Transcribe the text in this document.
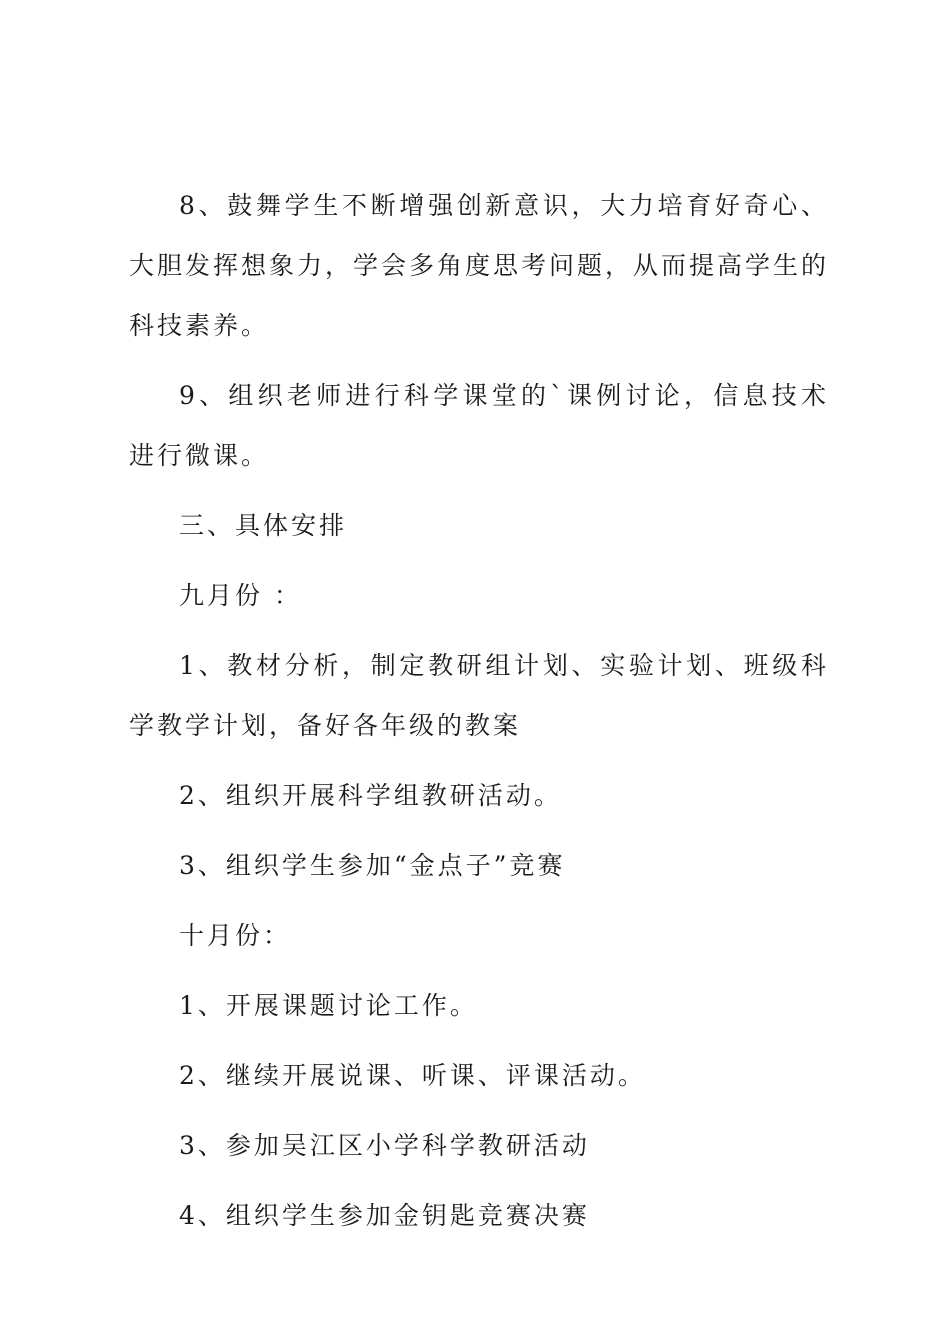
8、鼓舞学生不断增强创新意识，大力培育好奇心、大胆发挥想象力，学会多角度思考问题，从而提高学生的科技素养。

9、组织老师进行科学课堂的`课例讨论，信息技术进行微课。

三、具体安排

九月份 ：

1、教材分析，制定教研组计划、实验计划、班级科学教学计划，备好各年级的教案

2、组织开展科学组教研活动。

3、组织学生参加“金点子”竞赛

十月份：

1、开展课题讨论工作。

2、继续开展说课、听课、评课活动。

3、参加吴江区小学科学教研活动

4、组织学生参加金钥匙竞赛决赛
